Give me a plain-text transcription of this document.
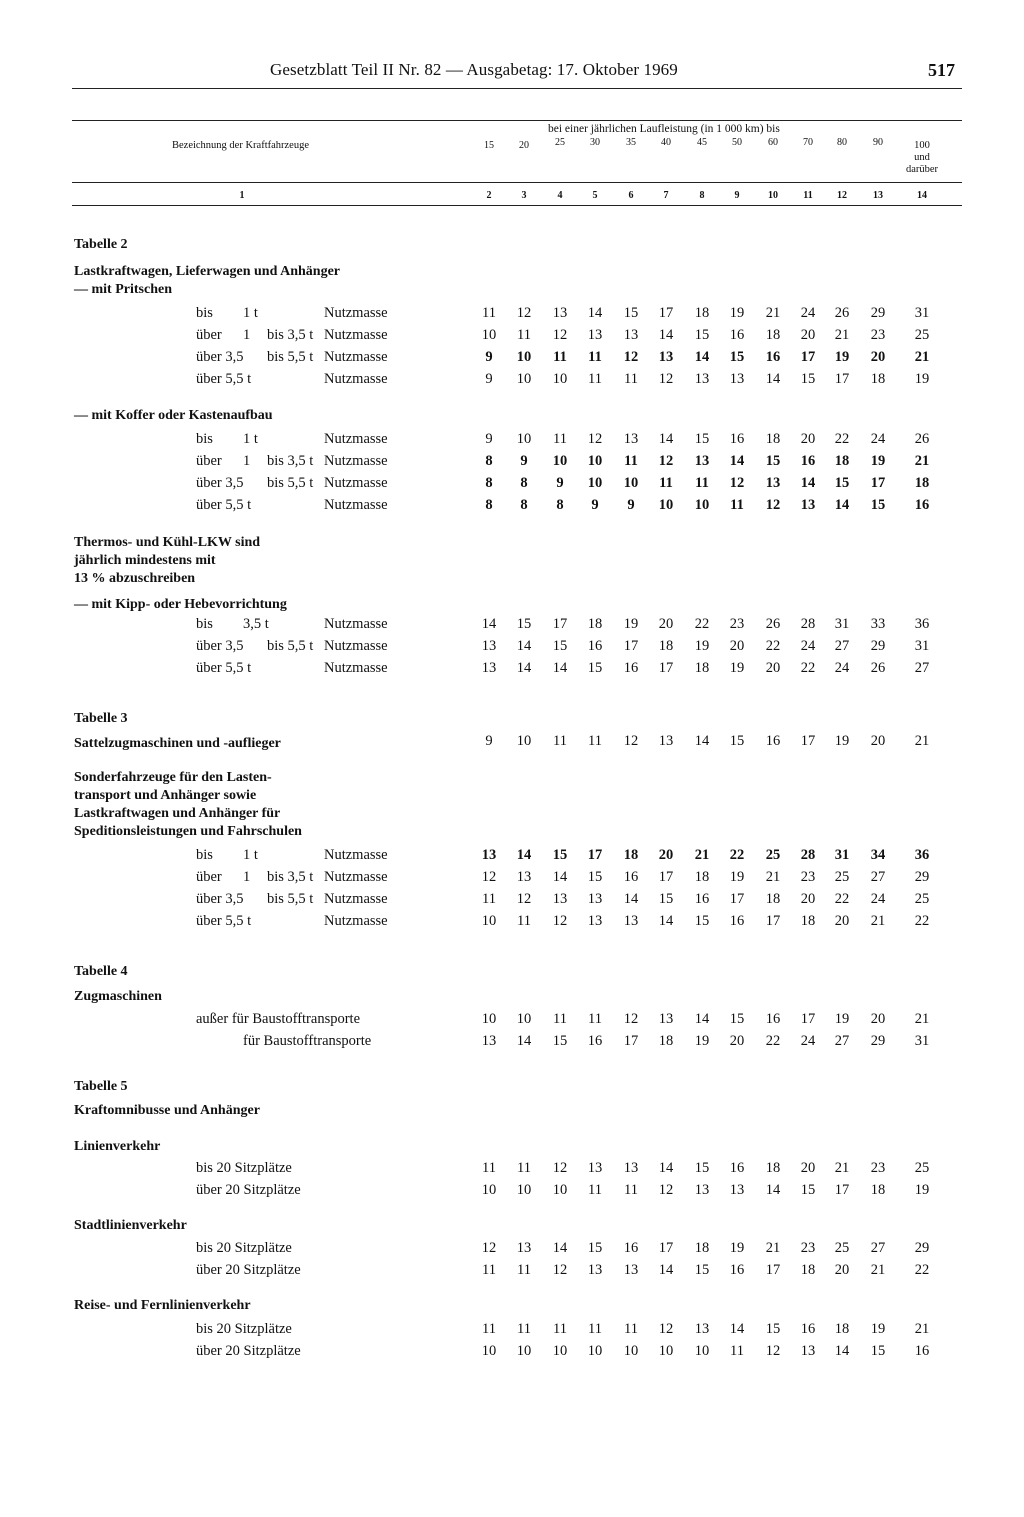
Gesetzblatt Teil II Nr. 82 — Ausgabetag: 17. Oktober 1969	517
Bezeichnung der Kraftfahrzeuge
bei einer jährlichen Laufleistung (in 1 000 km) bis
15	20	25	30	35	40	45	50	60	70	80	90	100
und
darüber
1	2	3	4	5	6	7	8	9	10	11	12	13	14
Tabelle 2
Lastkraftwagen, Lieferwagen und Anhänger
— mit Pritschen
bis 1 t	Nutzmasse	11	12	13	14	15	17	18	19	21	24	26	29	31
über 1 bis 3,5 t Nutzmasse	10	11	12	13	13	14	15	16	18	20	21	23	25
über 3,5 bis 5,5 t Nutzmasse	9	10	11	11	12	13	14	15	16	17	19	20	21
über 5,5 t	Nutzmasse	9	10	10	11	11	12	13	13	14	15	17	18	19
— mit Koffer oder Kastenaufbau
bis 1 t	Nutzmasse	9	10	11	12	13	14	15	16	18	20	22	24	26
über 1 bis 3,5 t Nutzmasse	8	9	10	10	11	12	13	14	15	16	18	19	21
über 3,5 bis 5,5 t Nutzmasse	8	8	9	10	10	11	11	12	13	14	15	17	18
über 5,5 t	Nutzmasse	8	8	8	9	9	10	10	11	12	13	14	15	16
Thermos- und Kühl-LKW sind
jährlich mindestens mit
13 % abzuschreiben
— mit Kipp- oder Hebevorrichtung
bis 3,5 t	Nutzmasse	14	15	17	18	19	20	22	23	26	28	31	33	36
über 3,5 bis 5,5 t Nutzmasse	13	14	15	16	17	18	19	20	22	24	27	29	31
über 5,5 t	Nutzmasse	13	14	14	15	16	17	18	19	20	22	24	26	27
Tabelle 3
Sattelzugmaschinen und -auflieger	9	10	11	11	12	13	14	15	16	17	19	20	21
Sonderfahrzeuge für den Lasten-
transport und Anhänger sowie
Lastkraftwagen und Anhänger für
Speditionsleistungen und Fahrschulen
bis 1 t	Nutzmasse	13	14	15	17	18	20	21	22	25	28	31	34	36
über 1 bis 3,5 t Nutzmasse	12	13	14	15	16	17	18	19	21	23	25	27	29
über 3,5 bis 5,5 t Nutzmasse	11	12	13	13	14	15	16	17	18	20	22	24	25
über 5,5 t	Nutzmasse	10	11	12	13	13	14	15	16	17	18	20	21	22
Tabelle 4
Zugmaschinen
außer für Baustofftransporte	10	10	11	11	12	13	14	15	16	17	19	20	21
für Baustofftransporte	13	14	15	16	17	18	19	20	22	24	27	29	31
Tabelle 5
Kraftomnibusse und Anhänger
Linienverkehr
bis 20 Sitzplätze	11	11	12	13	13	14	15	16	18	20	21	23	25
über 20 Sitzplätze	10	10	10	11	11	12	13	13	14	15	17	18	19
Stadtlinienverkehr
bis 20 Sitzplätze	12	13	14	15	16	17	18	19	21	23	25	27	29
über 20 Sitzplätze	11	11	12	13	13	14	15	16	17	18	20	21	22
Reise- und Fernlinienverkehr
bis 20 Sitzplätze	11	11	11	11	11	12	13	14	15	16	18	19	21
über 20 Sitzplätze	10	10	10	10	10	10	10	11	12	13	14	15	16
